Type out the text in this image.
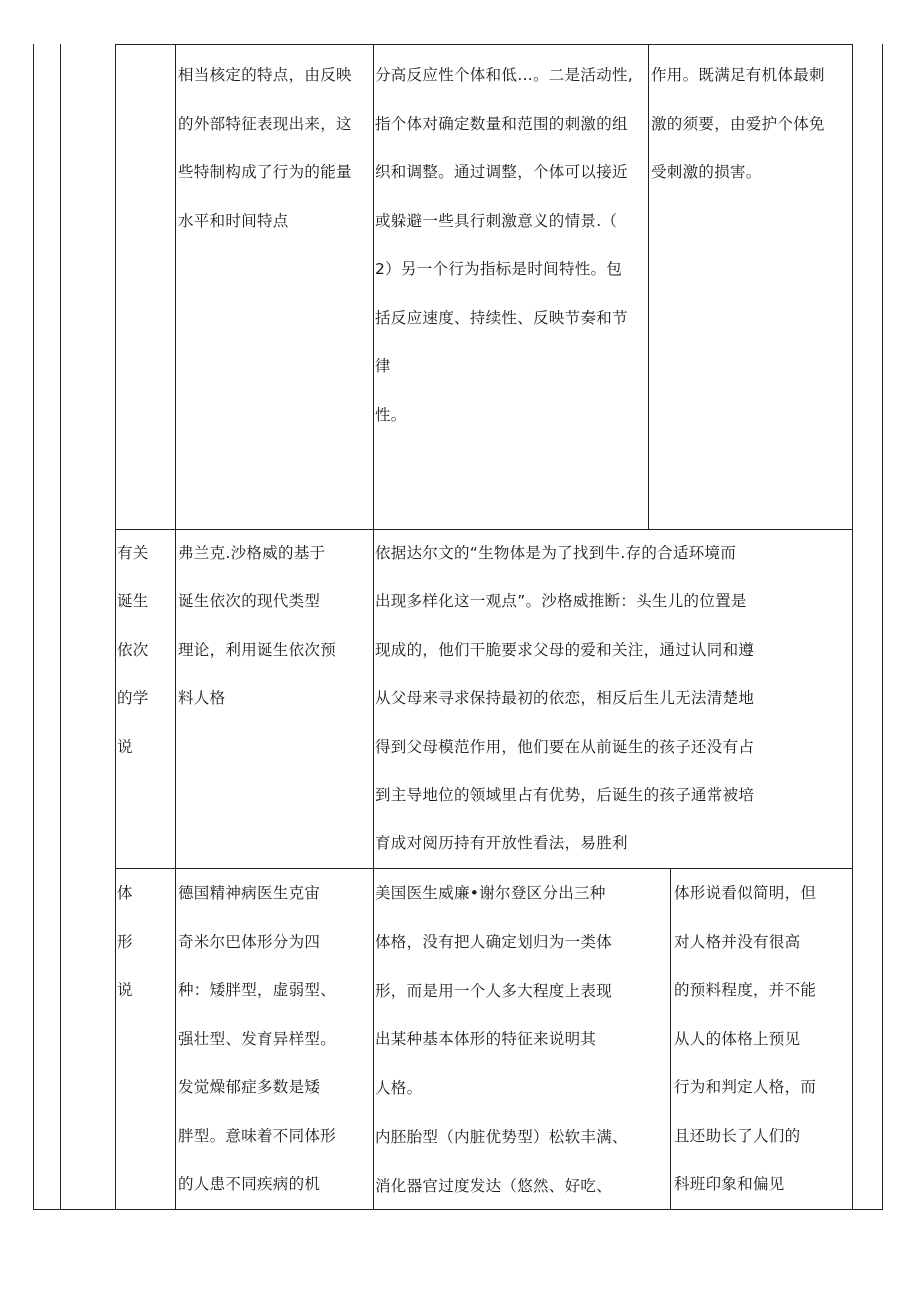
相当核定的特点，由反映
的外部特征表现出来，这
些特制构成了行为的能量
水平和时间特点
分高反应性个体和低…。二是活动性,
指个体对确定数量和范围的刺激的组
织和调整。通过调整，个体可以接近
或躲避一些具行刺激意义的情景.（
2）另一个行为指标是时间特性。包
括反应速度、持续性、反映节奏和节
律
性。
作用。既满足有机体最刺
激的须要，由爱护个体免
受刺激的损害。
有关
诞生
依次
的学
说
弗兰克.沙格威的基于
诞生依次的现代类型
理论，利用诞生依次预
料人格
依据达尔文的“生物体是为了找到牛.存的合适环境而
出现多样化这一观点”。沙格威推断：头生儿的位置是
现成的，他们干脆要求父母的爱和关注，通过认同和遵
从父母来寻求保持最初的依恋，相反后生儿无法清楚地
得到父母模范作用，他们要在从前诞生的孩子还没有占
到主导地位的领域里占有优势，后诞生的孩子通常被培
育成对阅历持有开放性看法，易胜利
体
形
说
德国精神病医生克宙
奇米尔巴体形分为四
种：矮胖型，虚弱型、
强壮型、发育异样型。
发觉燥郁症多数是矮
胖型。意味着不同体形
的人患不同疾病的机
美国医生威廉•谢尔登区分出三种
体格，没有把人确定划归为一类体
形，而是用一个人多大程度上表现
出某种基本体形的特征来说明其
人格。
内胚胎型（内脏优势型）松软丰满、
消化器官过度发达（悠然、好吃、
体形说看似简明，但
对人格并没有很高
的预料程度，并不能
从人的体格上预见
行为和判定人格，而
且还助长了人们的
科班印象和偏见
